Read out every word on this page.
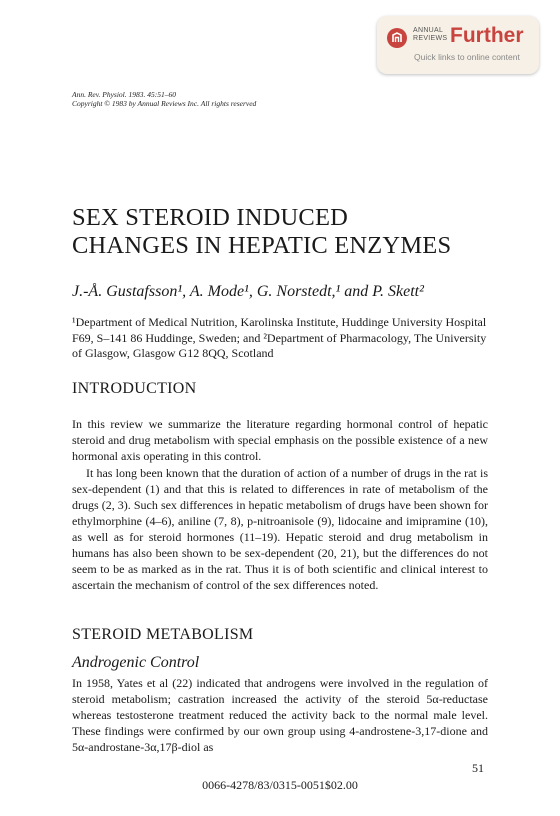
ANNUAL
REVIEWS Further
Quick links to online content
Ann. Rev. Physiol. 1983. 45:51–60
Copyright © 1983 by Annual Reviews Inc. All rights reserved
SEX STEROID INDUCED
CHANGES IN HEPATIC ENZYMES

J.-Å. Gustafsson¹, A. Mode¹, G. Norstedt,¹ and P. Skett²

¹Department of Medical Nutrition, Karolinska Institute, Huddinge University Hospital F69, S–141 86 Huddinge, Sweden; and ²Department of Pharmacology, The University of Glasgow, Glasgow G12 8QQ, Scotland

INTRODUCTION

In this review we summarize the literature regarding hormonal control of hepatic steroid and drug metabolism with special emphasis on the possible existence of a new hormonal axis operating in this control.

It has long been known that the duration of action of a number of drugs in the rat is sex-dependent (1) and that this is related to differences in rate of metabolism of the drugs (2, 3). Such sex differences in hepatic metabolism of drugs have been shown for ethylmorphine (4–6), aniline (7, 8), p-nitroanisole (9), lidocaine and imipramine (10), as well as for steroid hormones (11–19). Hepatic steroid and drug metabolism in humans has also been shown to be sex-dependent (20, 21), but the differences do not seem to be as marked as in the rat. Thus it is of both scientific and clinical interest to ascertain the mechanism of control of the sex differences noted.

STEROID METABOLISM
Androgenic Control

In 1958, Yates et al (22) indicated that androgens were involved in the regulation of steroid metabolism; castration increased the activity of the steroid 5α-reductase whereas testosterone treatment reduced the activity back to the normal male level. These findings were confirmed by our own group using 4-androstene-3,17-dione and 5α-androstane-3α,17β-diol as

51
0066-4278/83/0315-0051$02.00
